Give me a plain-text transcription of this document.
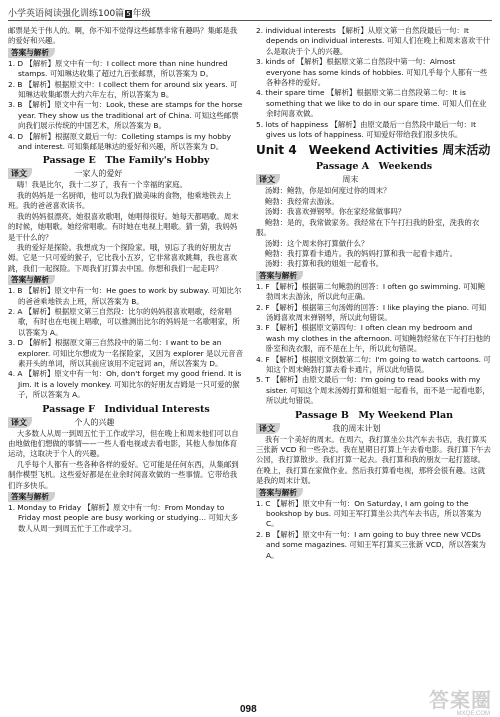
小学英语阅读强化训练100篇 5 年级

邮票是关于伟人的。啊，你不知不觉得这些邮票非常有趣吗？集邮是我的爱好和兴趣。

答案与解析

1. D 【解析】原文中有一句：I collect more than nine hundred stamps. 可知琳达收集了超过九百张邮票，所以答案为 D。

2. B 【解析】根据原文中：I collect them for around six years. 可知琳达收集邮票大约六年左右，所以答案为 B。

3. B 【解析】原文中有一句：Look, these are stamps for the horse year. They show us the traditional art of China. 可知这些邮票向我们展示传统的中国艺术，所以答案为 B。

4. D 【解析】根据原文最后一句：Colleting stamps is my hobby and interest. 可知集邮是琳达的爱好和兴趣，所以答案为 D。

Passage E　The Family's Hobby
译文	一家人的爱好

嗨！我是比尔，我十二岁了，我有一个幸福的家庭。

我的妈妈是一名厨师，他可以为我们做美味的食物，他乘地铁去上班。我的爸爸喜欢读书。

我的妈妈很漂亮。她很喜欢歌唱，她唱得很好。她每天都唱歌。周末的时候，她唱歌。她经常唱歌。有时她在电视上唱歌。猜一猜，我妈妈是干什么的？

我的爱好是探险。我想成为一个探险家。哦，别忘了我的好朋友吉姆。它是一只可爱的猴子，它比我小五岁，它非常喜欢跳舞，我也喜欢跳，我们一起探险。下周我们打算去中国。你想和我们一起走吗？

答案与解析

1. B 【解析】原文中有一句：He goes to work by subway. 可知比尔的爸爸乘地铁去上班，所以答案为 B。

2. A 【解析】根据原文第三自然段：比尔的妈妈很喜欢唱歌，经常唱歌，有时也在电视上唱歌，可以推测出比尔的妈妈是一名歌唱家，所以答案为 A。

3. D 【解析】根据原文第三自然段中的第二句：I want to be an explorer. 可知比尔想成为一名探险家，又因为 explorer 是以元音音素开头的单词，所以其前应该用不定冠词 an，所以答案为 D。

4. A 【解析】原文中有一句：Oh, don't forget my good friend. It is Jim. It is a lovely monkey. 可知比尔的好朋友吉姆是一只可爱的猴子，所以答案为 A。

Passage F　Individual Interests
译文	个人的兴趣

大多数人从周一到周五忙于工作或学习，但在晚上和周末他们可以自由地做他们想做的事情——一些人看电视或去看电影，其他人参加体育运动，这取决于个人的兴趣。

几乎每个人都有一些各种各样的爱好。它可能是任何东西，从集邮到制作模型飞机。这些爱好都是在业余时间喜欢做的一些事情。它带给我们许多快乐。

答案与解析

1. Monday to Friday 【解析】原文中有一句：From Monday to Friday most people are busy working or studying… 可知大多数人从周一到周五忙于工作或学习。

2. individual interests 【解析】从原文第一自然段最后一句：It depends on individual interests. 可知人们在晚上和周末喜欢干什么是取决于个人的兴趣。

3. kinds of 【解析】根据原文第二自然段中第一句：Almost everyone has some kinds of hobbies. 可知几乎每个人都有一些各种各样的爱好。

4. their spare time 【解析】根据原文第二自然段第二句：It is something that we like to do in our spare time. 可知人们在业余时间喜欢做。

5. lots of happiness 【解析】由原文最后一自然段中最后一句：It gives us lots of happiness. 可知爱好带给我们很多快乐。

Unit 4　Weekend Activities 周末活动
Passage A　Weekends
译文	周末

汤姆：鲍勃，你是如何度过你的周末？

鲍勃：我经常去游泳。

汤姆：我喜欢弹钢琴。你在家经常做事吗？

鲍勃：是的，我常做家务。我经常在下午打扫我的卧室，洗我的衣服。

汤姆：这个周末你打算做什么？

鲍勃：我打算看卡通片。我的妈妈打算和我一起看卡通片。

汤姆：我打算和我的姐姐一起看书。

答案与解析

1. F 【解析】根据第二句鲍勃的回答：I often go swimming. 可知鲍勃周末去游泳，所以此句正确。

2. F 【解析】根据第三句汤姆的回答：I like playing the piano. 可知汤姆喜欢周末弹钢琴，所以此句错误。

3. F 【解析】根据原文第四句：I often clean my bedroom and wash my clothes in the afternoon. 可知鲍勃经常在下午打扫他的卧室和洗衣服，而不是在上午，所以此句错误。

4. F 【解析】根据原文倒数第二句：I'm going to watch cartoons. 可知这个周末鲍勃打算去看卡通片，所以此句错误。

5. T 【解析】由原文最后一句：I'm going to read books with my sister. 可知这个周末汤姆打算和姐姐一起看书，而不是一起看电影，所以此句错误。

Passage B　My Weekend Plan
译文	我的周末计划

我有一个美好的周末。在周六，我打算坐公共汽车去书店，我打算买三张新 VCD 和一些杂志。我在星期日打算上午去看电影。我打算下午去公园，我打算散步。我们打算一起去。我打算和我的朋友一起打篮球。在晚上，我打算在家做作业。然后我打算看电视，那将会很有趣。这就是我的周末计划。

答案与解析

1. C 【解析】原文中有一句：On Saturday, I am going to the bookshop by bus. 可知王军打算坐公共汽车去书店，所以答案为 C。

2. B 【解析】原文中有一句：I am going to buy three new VCDs and some magazines. 可知王军打算买三张新 VCD，所以答案为 A。

098	答案圈
MXQE.COM
